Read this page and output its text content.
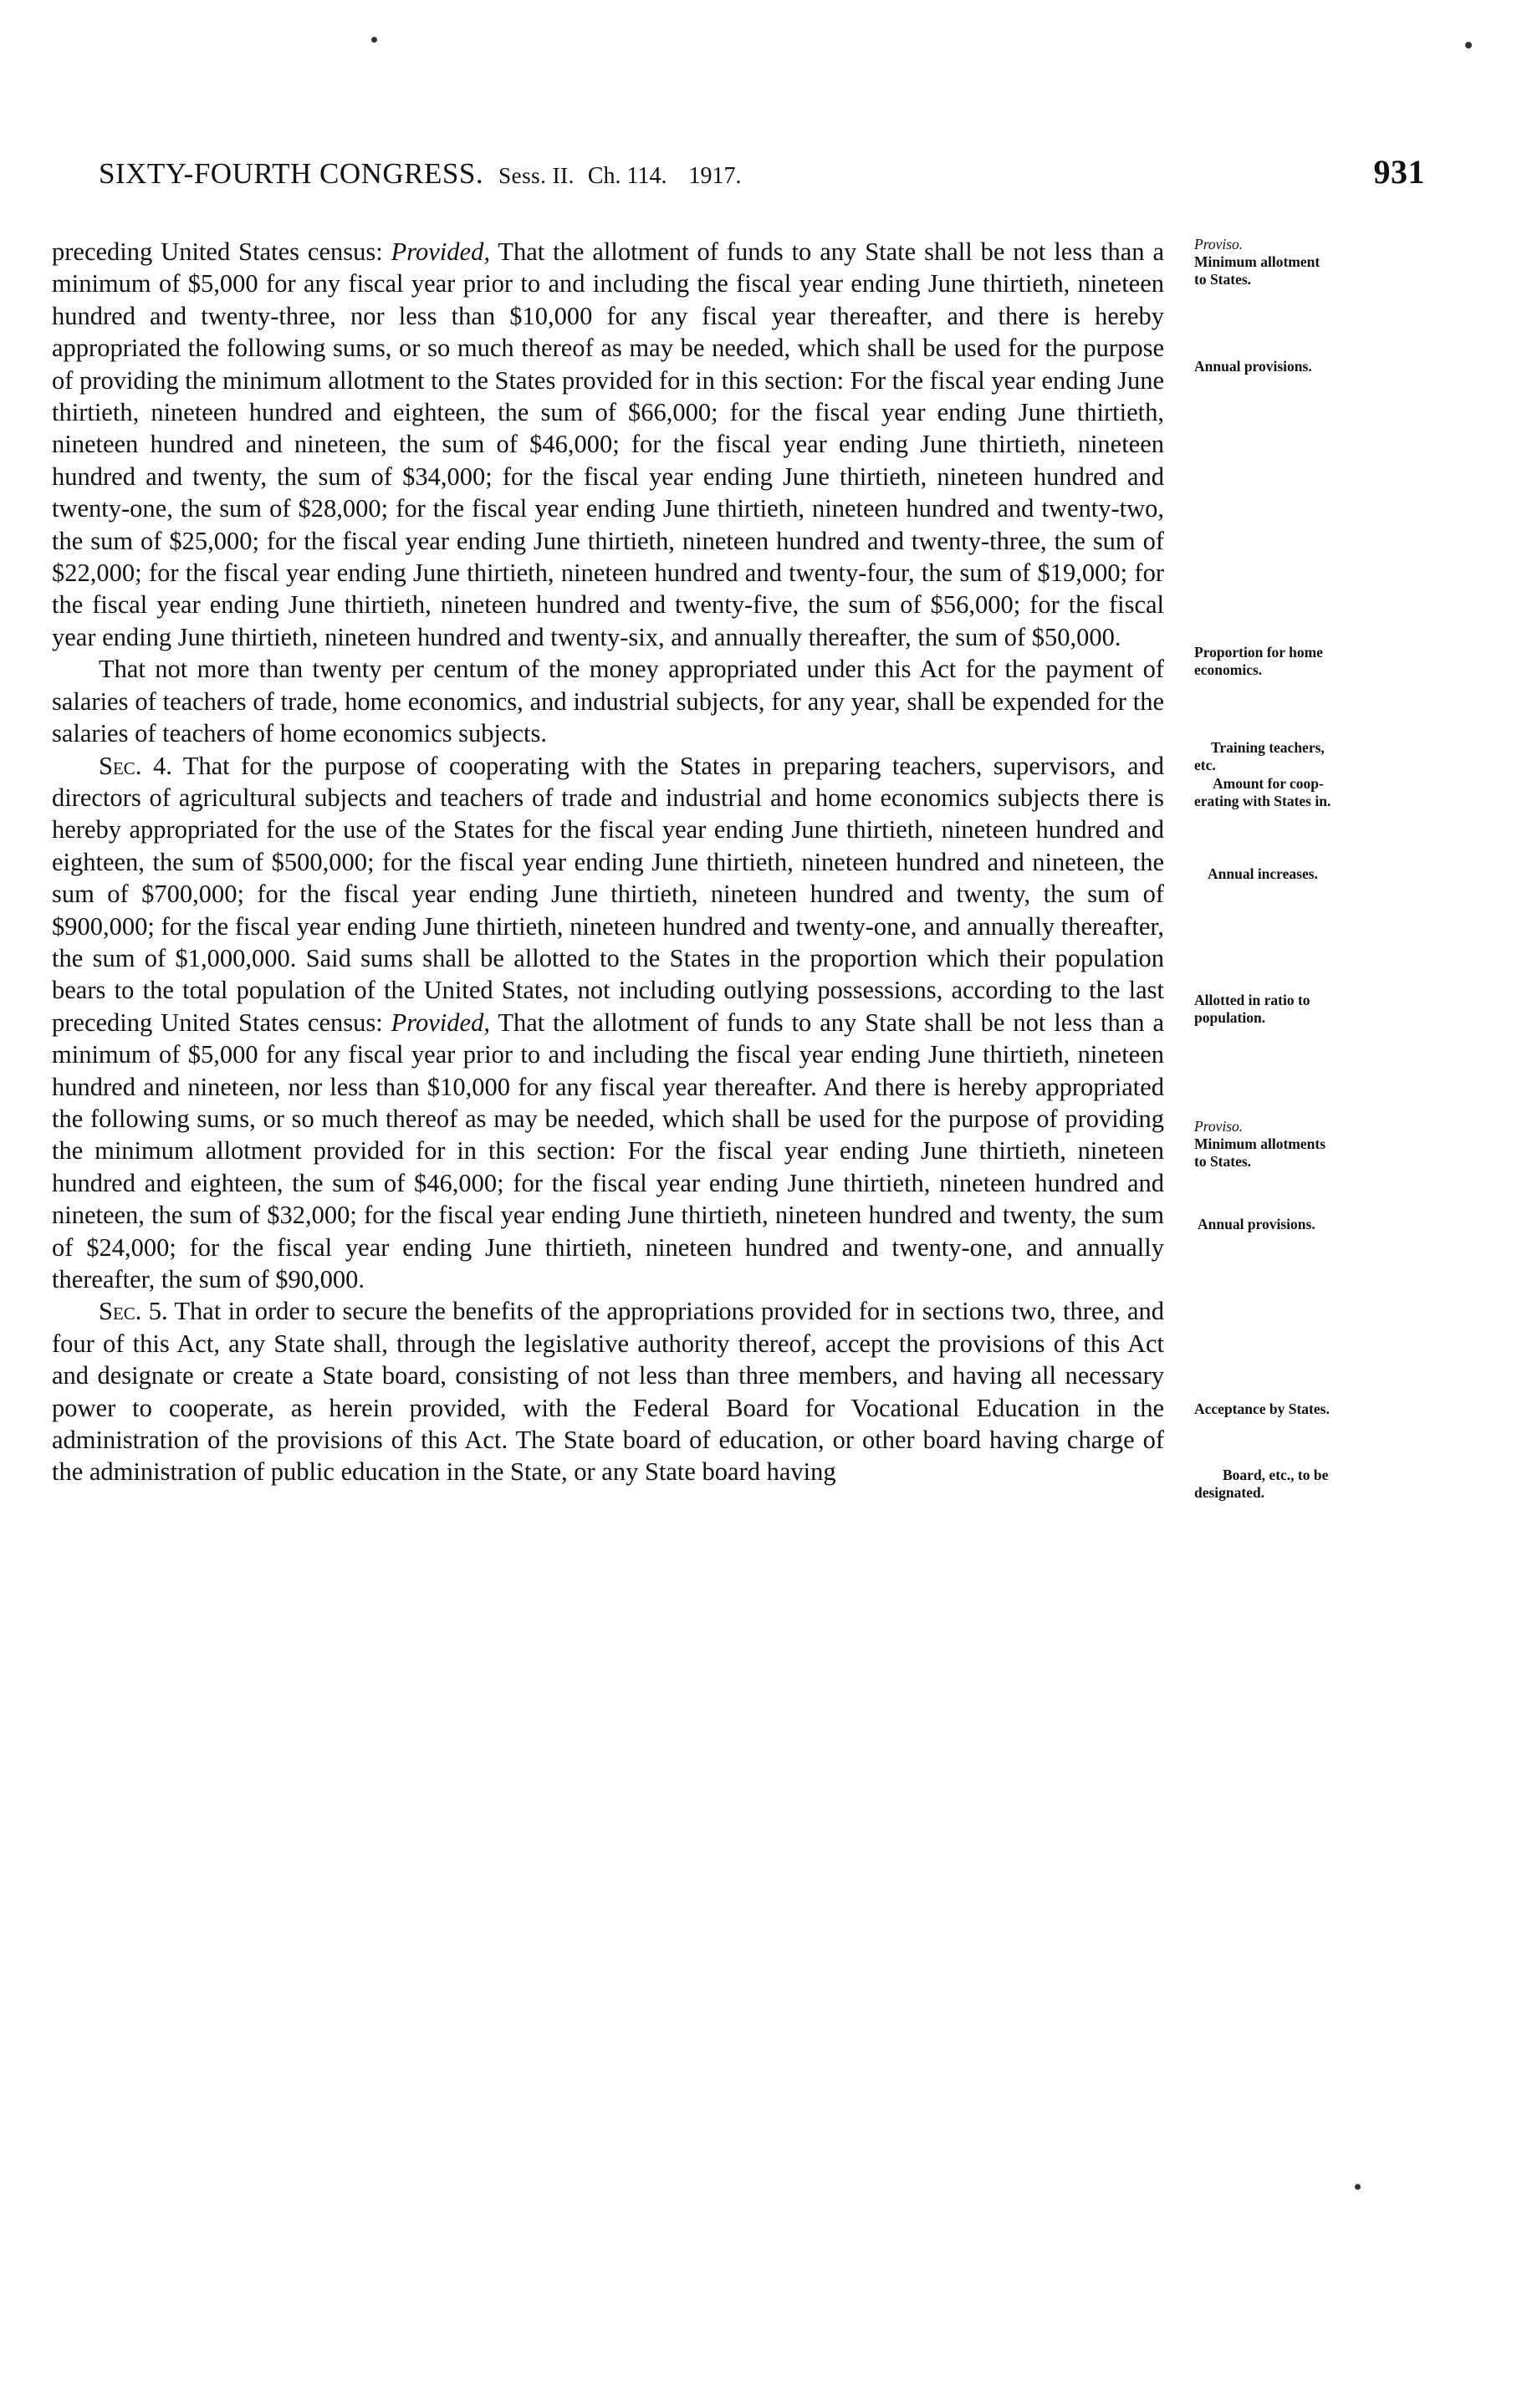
SIXTY-FOURTH CONGRESS. Sess. II. Ch. 114. 1917.	931

preceding United States census: Provided, That the allotment of funds to any State shall be not less than a minimum of $5,000 for any fiscal year prior to and including the fiscal year ending June thirtieth, nineteen hundred and twenty-three, nor less than $10,000 for any fiscal year thereafter, and there is hereby appropriated the following sums, or so much thereof as may be needed, which shall be used for the purpose of providing the minimum allotment to the States provided for in this section: For the fiscal year ending June thirtieth, nineteen hundred and eighteen, the sum of $66,000; for the fiscal year ending June thirtieth, nineteen hundred and nineteen, the sum of $46,000; for the fiscal year ending June thirtieth, nineteen hundred and twenty, the sum of $34,000; for the fiscal year ending June thirtieth, nineteen hundred and twenty-one, the sum of $28,000; for the fiscal year ending June thirtieth, nineteen hundred and twenty-two, the sum of $25,000; for the fiscal year ending June thirtieth, nineteen hundred and twenty-three, the sum of $22,000; for the fiscal year ending June thirtieth, nineteen hundred and twenty-four, the sum of $19,000; for the fiscal year ending June thirtieth, nineteen hundred and twenty-five, the sum of $56,000; for the fiscal year ending June thirtieth, nineteen hundred and twenty-six, and annually thereafter, the sum of $50,000.

That not more than twenty per centum of the money appropriated under this Act for the payment of salaries of teachers of trade, home economics, and industrial subjects, for any year, shall be expended for the salaries of teachers of home economics subjects.

Sec. 4. That for the purpose of cooperating with the States in preparing teachers, supervisors, and directors of agricultural subjects and teachers of trade and industrial and home economics subjects there is hereby appropriated for the use of the States for the fiscal year ending June thirtieth, nineteen hundred and eighteen, the sum of $500,000; for the fiscal year ending June thirtieth, nineteen hundred and nineteen, the sum of $700,000; for the fiscal year ending June thirtieth, nineteen hundred and twenty, the sum of $900,000; for the fiscal year ending June thirtieth, nineteen hundred and twenty-one, and annually thereafter, the sum of $1,000,000. Said sums shall be allotted to the States in the proportion which their population bears to the total population of the United States, not including outlying possessions, according to the last preceding United States census: Provided, That the allotment of funds to any State shall be not less than a minimum of $5,000 for any fiscal year prior to and including the fiscal year ending June thirtieth, nineteen hundred and nineteen, nor less than $10,000 for any fiscal year thereafter. And there is hereby appropriated the following sums, or so much thereof as may be needed, which shall be used for the purpose of providing the minimum allotment provided for in this section: For the fiscal year ending June thirtieth, nineteen hundred and eighteen, the sum of $46,000; for the fiscal year ending June thirtieth, nineteen hundred and nineteen, the sum of $32,000; for the fiscal year ending June thirtieth, nineteen hundred and twenty, the sum of $24,000; for the fiscal year ending June thirtieth, nineteen hundred and twenty-one, and annually thereafter, the sum of $90,000.

Sec. 5. That in order to secure the benefits of the appropriations provided for in sections two, three, and four of this Act, any State shall, through the legislative authority thereof, accept the provisions of this Act and designate or create a State board, consisting of not less than three members, and having all necessary power to cooperate, as herein provided, with the Federal Board for Vocational Education in the administration of the provisions of this Act. The State board of education, or other board having charge of the administration of public education in the State, or any State board having

Proviso.
Minimum allotment
to States.
Annual provisions.
Proportion for home
economics.
Training teachers,
etc.
Amount for coop-
erating with States in.
Annual increases.
Allotted in ratio to
population.
Proviso.
Minimum allotments
to States.
Annual provisions.
Acceptance by States.
Board, etc., to be
designated.
